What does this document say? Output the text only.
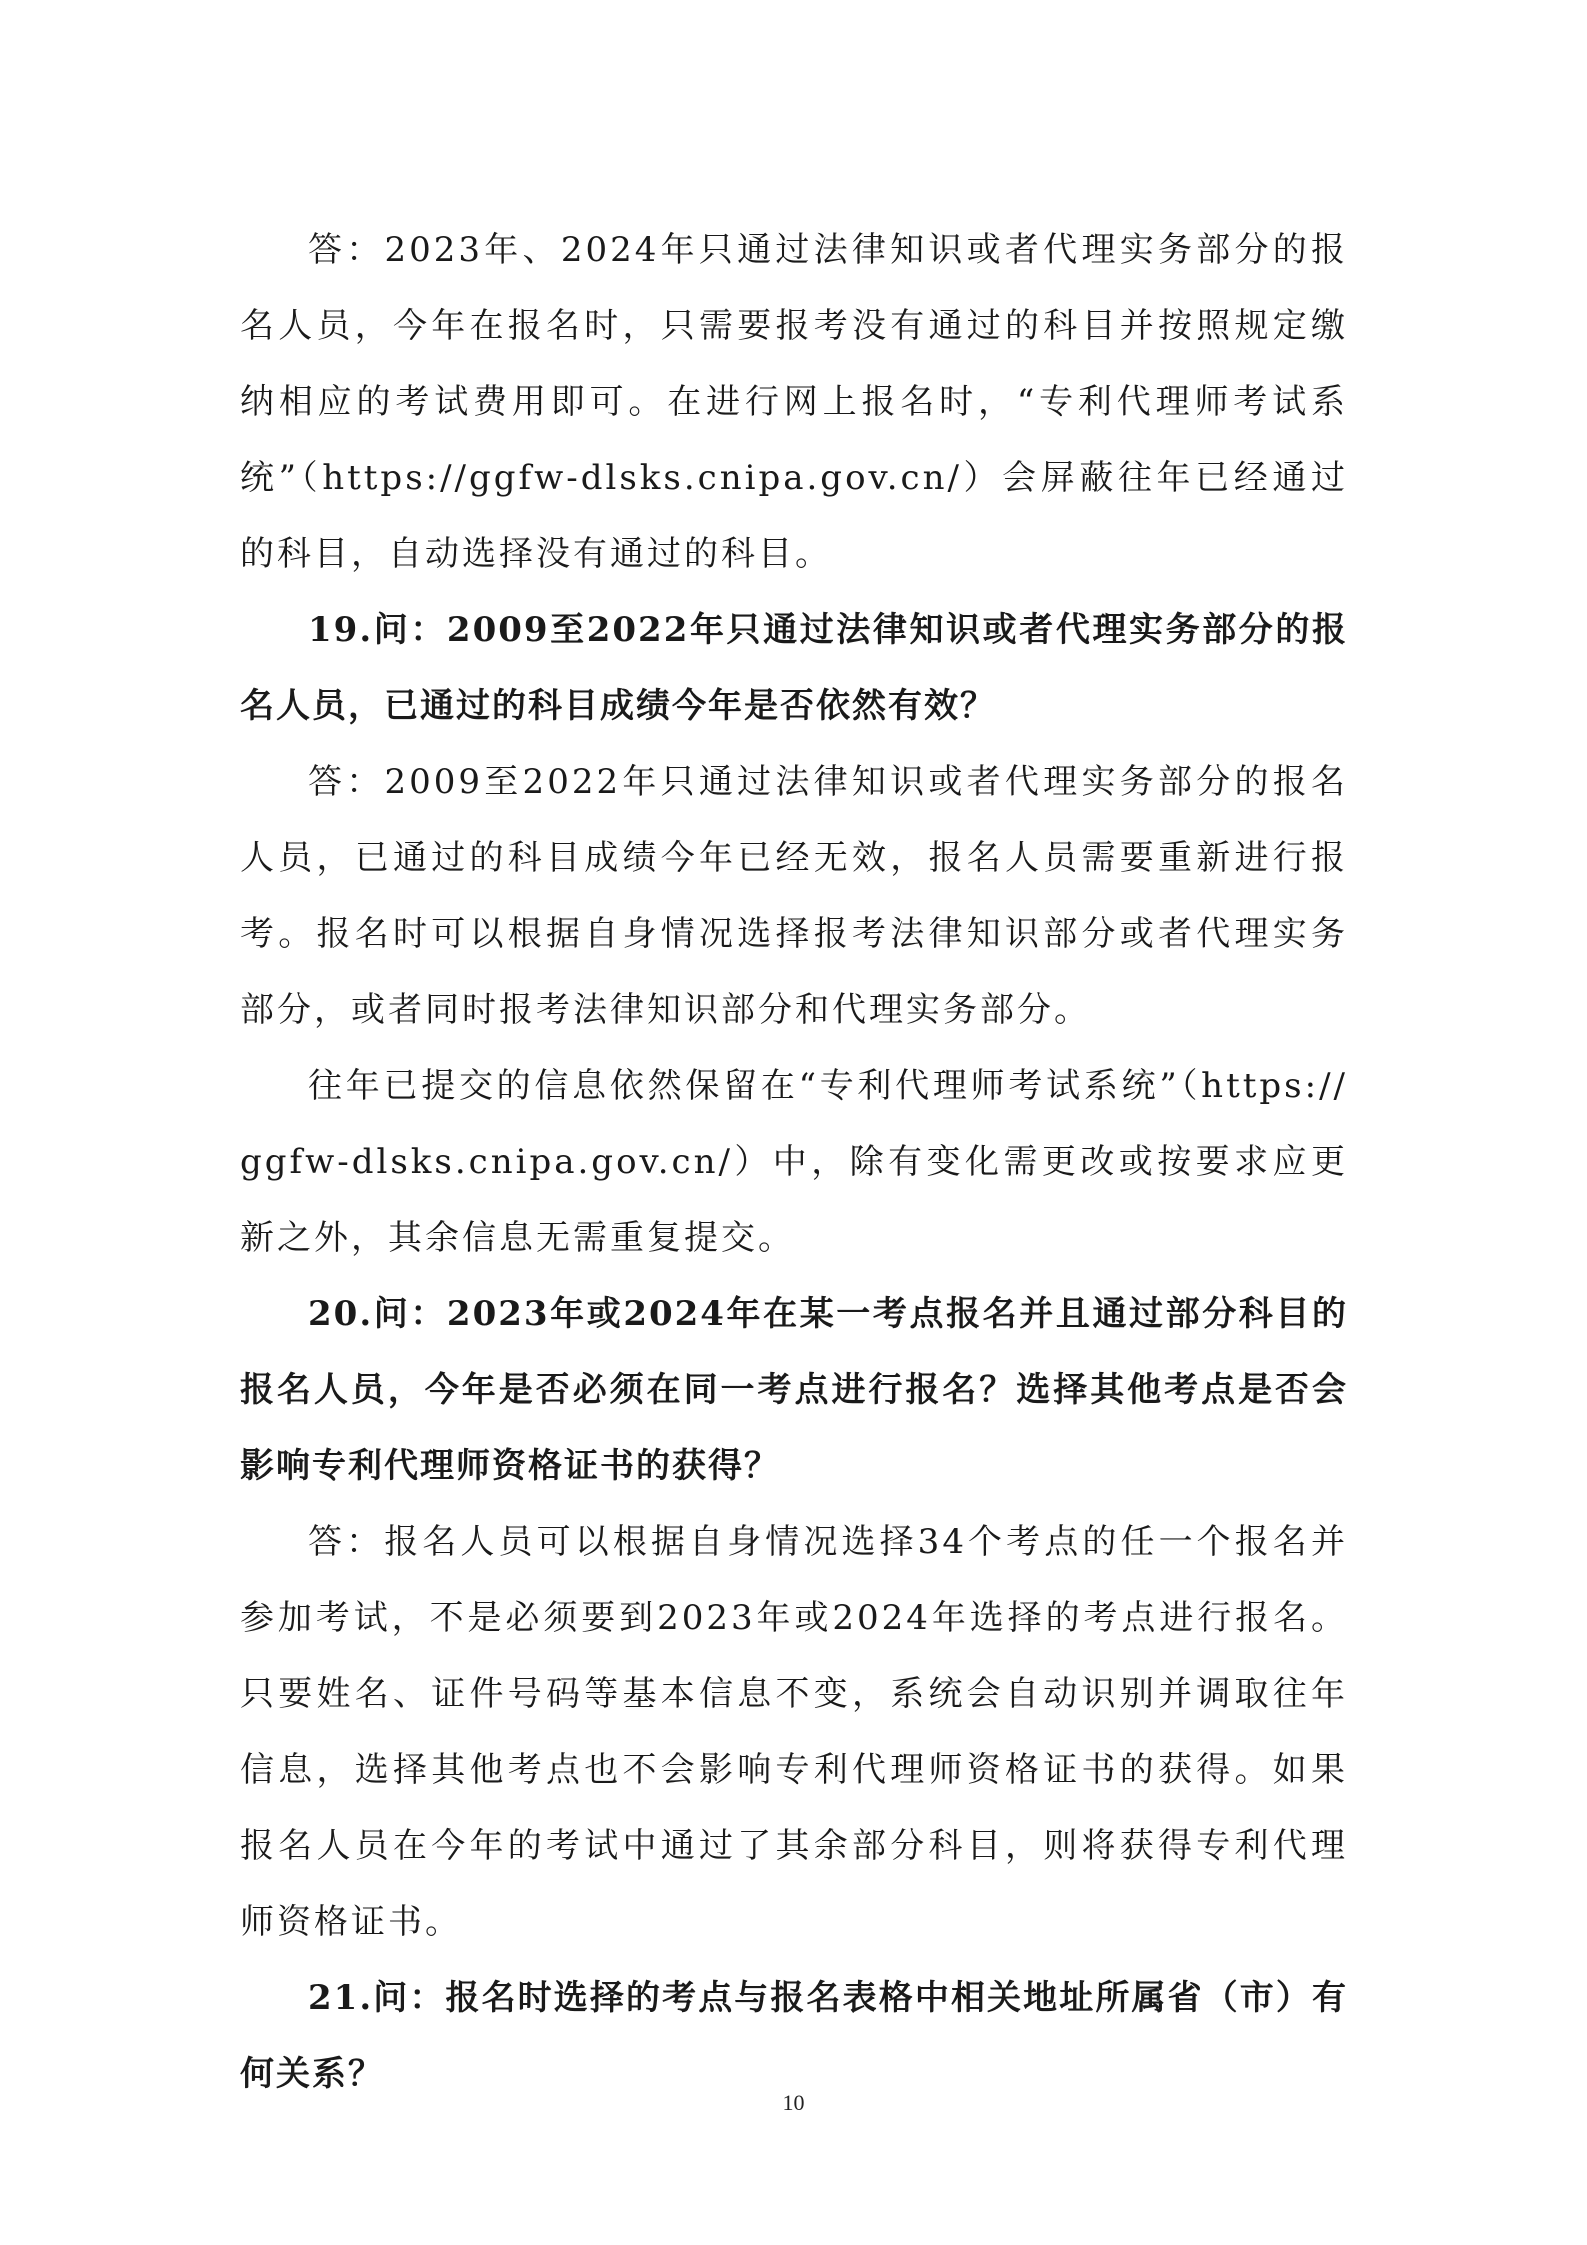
答：2023年、2024年只通过法律知识或者代理实务部分的报名人员，今年在报名时，只需要报考没有通过的科目并按照规定缴纳相应的考试费用即可。在进行网上报名时，“专利代理师考试系统”（https://ggfw-dlsks.cnipa.gov.cn/）会屏蔽往年已经通过的科目，自动选择没有通过的科目。

19.问：2009至2022年只通过法律知识或者代理实务部分的报名人员，已通过的科目成绩今年是否依然有效？

答：2009至2022年只通过法律知识或者代理实务部分的报名人员，已通过的科目成绩今年已经无效，报名人员需要重新进行报考。报名时可以根据自身情况选择报考法律知识部分或者代理实务部分，或者同时报考法律知识部分和代理实务部分。

往年已提交的信息依然保留在“专利代理师考试系统”（https://ggfw-dlsks.cnipa.gov.cn/）中，除有变化需更改或按要求应更新之外，其余信息无需重复提交。

20.问：2023年或2024年在某一考点报名并且通过部分科目的报名人员，今年是否必须在同一考点进行报名？选择其他考点是否会影响专利代理师资格证书的获得？

答：报名人员可以根据自身情况选择34个考点的任一个报名并参加考试，不是必须要到2023年或2024年选择的考点进行报名。只要姓名、证件号码等基本信息不变，系统会自动识别并调取往年信息，选择其他考点也不会影响专利代理师资格证书的获得。如果报名人员在今年的考试中通过了其余部分科目，则将获得专利代理师资格证书。

21.问：报名时选择的考点与报名表格中相关地址所属省（市）有何关系？

10
